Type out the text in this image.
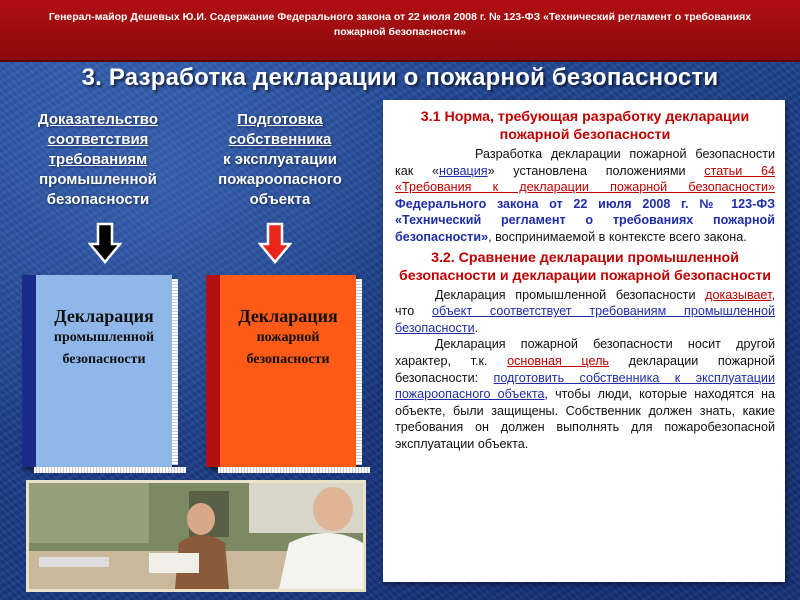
Генерал-майор Дешевых Ю.И. Содержание Федерального закона от 22 июля 2008 г. № 123-ФЗ «Технический регламент о требованиях пожарной безопасности»
3. Разработка декларации о пожарной безопасности
Доказательство
соответствия
требованиям
промышленной
безопасности
Подготовка
собственника
к эксплуатации
пожароопасного
объекта
Декларация
промышленной
безопасности
Декларация
пожарной
безопасности
3.1 Норма, требующая разработку декларации пожарной безопасности

Разработка декларации пожарной безопасности как «новация» установлена положениями статьи 64 «Требования к декларации пожарной безопасности» Федерального закона от 22 июля 2008 г. № 123-ФЗ «Технический регламент о требованиях пожарной безопасности», воспринимаемой в контексте всего закона.

3.2. Сравнение декларации промышленной безопасности и декларации пожарной безопасности

Декларация промышленной безопасности доказывает, что объект соответствует требованиям промышленной безопасности.

Декларация пожарной безопасности носит другой характер, т.к. основная цель декларации пожарной безопасности: подготовить собственника к эксплуатации пожароопасного объекта, чтобы люди, которые находятся на объекте, были защищены. Собственник должен знать, какие требования он должен выполнять для пожаробезопасной эксплуатации объекта.
